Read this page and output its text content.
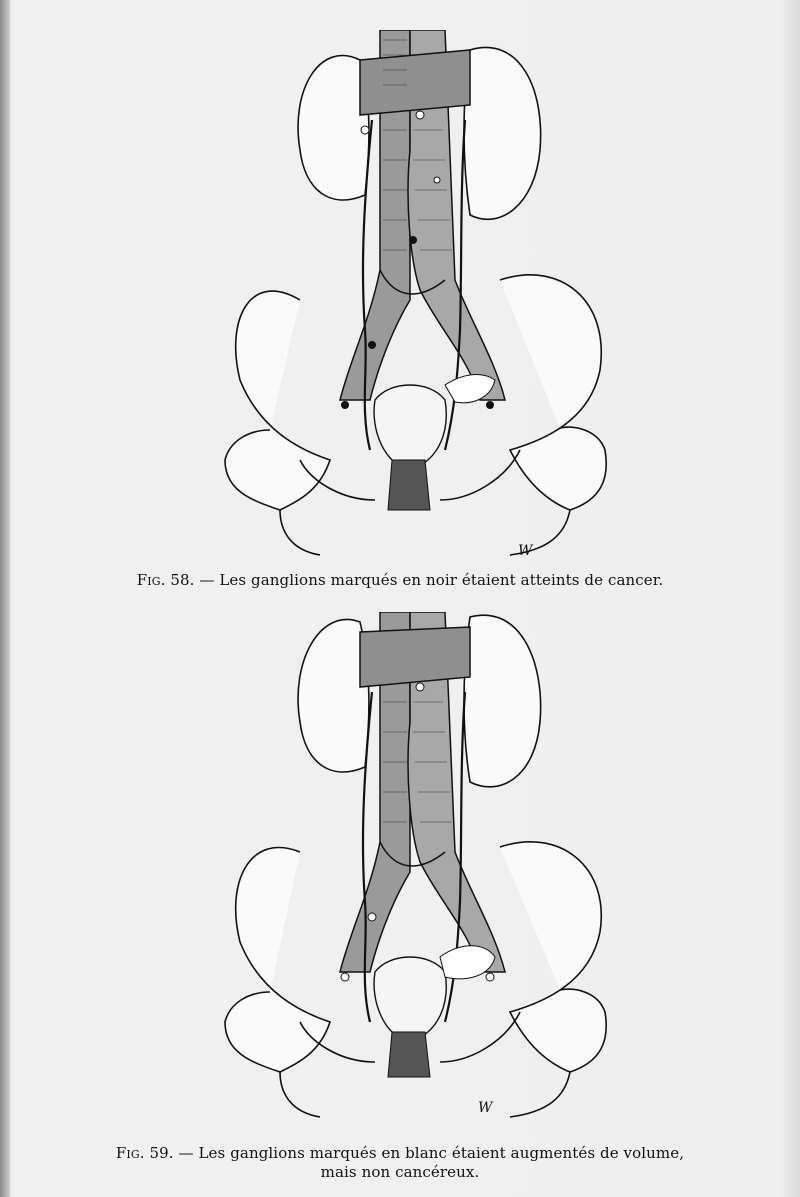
W
Fig. 58. — Les ganglions marqués en noir étaient atteints de cancer.
W
Fig. 59. — Les ganglions marqués en blanc étaient augmentés de volume,
mais non cancéreux.
